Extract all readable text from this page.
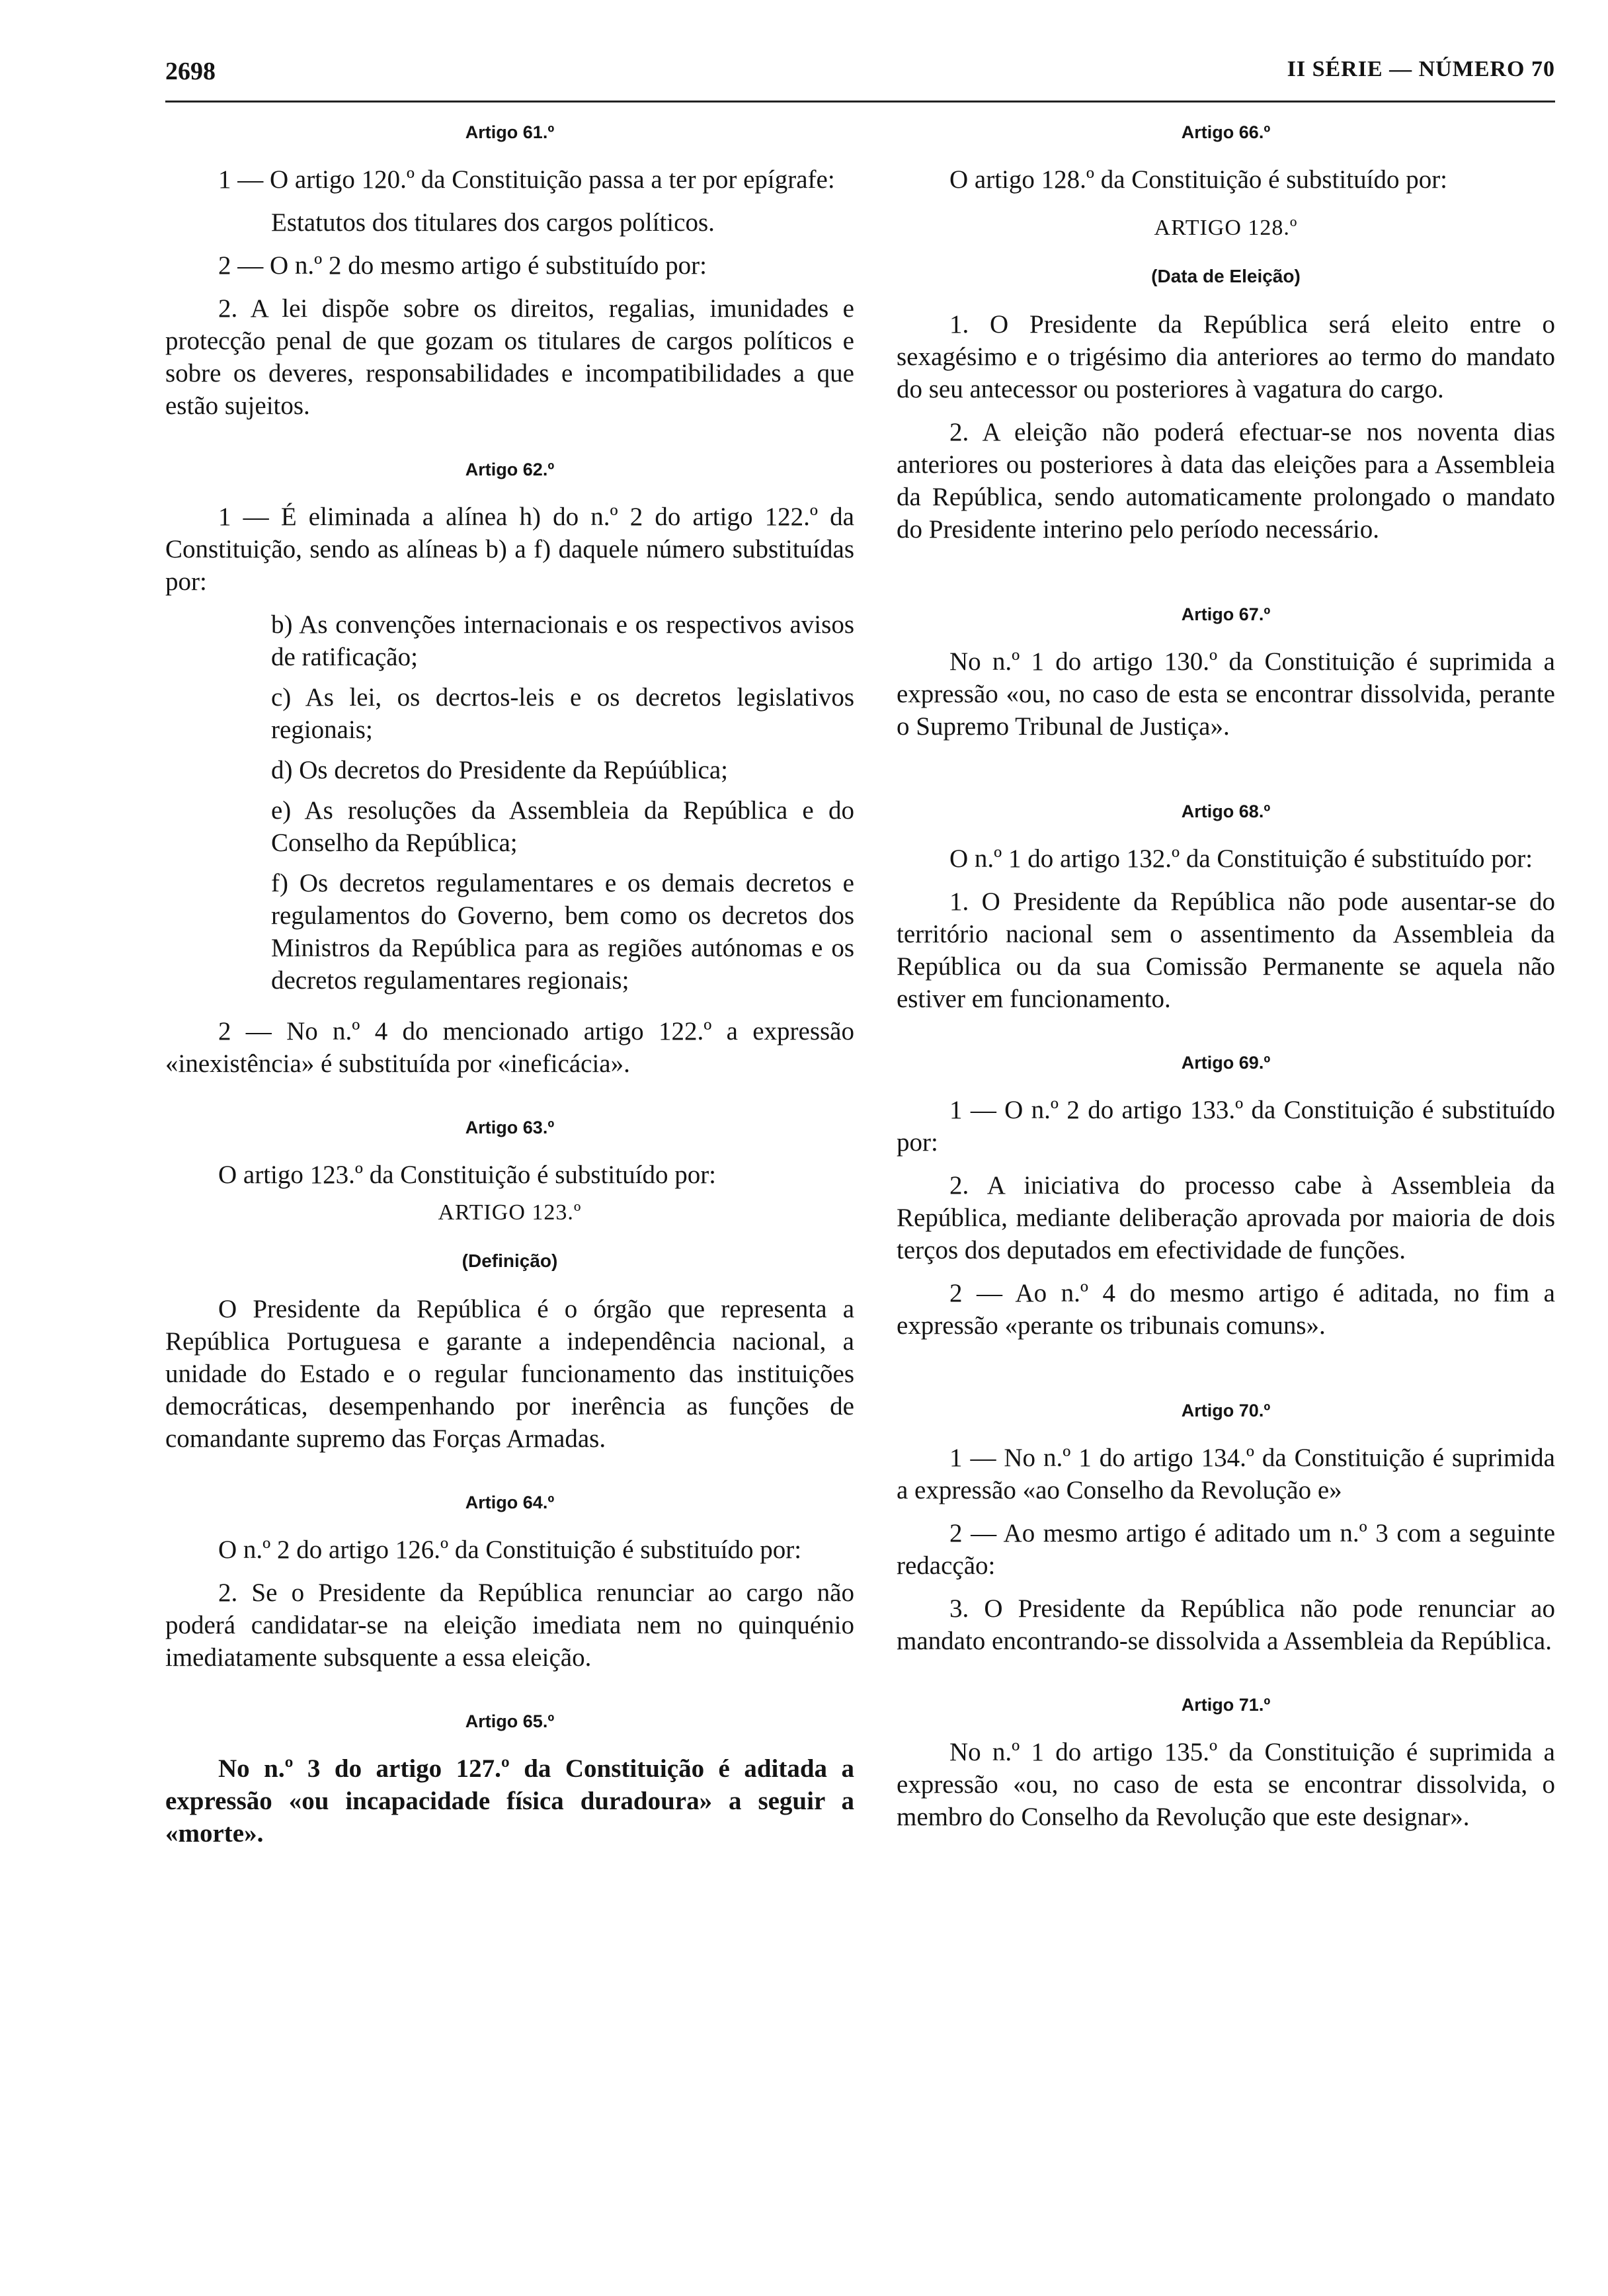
2698	II SÉRIE — NÚMERO 70
Artigo 61.º

1 — O artigo 120.º da Constituição passa a ter por epígrafe:

Estatutos dos titulares dos cargos políticos.

2 — O n.º 2 do mesmo artigo é substituído por:

2. A lei dispõe sobre os direitos, regalias, imunidades e protecção penal de que gozam os titulares de cargos políticos e sobre os deveres, responsabilidades e incompatibilidades a que estão sujeitos.

Artigo 62.º

1 — É eliminada a alínea h) do n.º 2 do artigo 122.º da Constituição, sendo as alíneas b) a f) daquele número substituídas por:

b) As convenções internacionais e os respectivos avisos de ratificação;

c) As lei, os decrtos-leis e os decretos legislativos regionais;

d) Os decretos do Presidente da Repúública;

e) As resoluções da Assembleia da República e do Conselho da República;

f) Os decretos regulamentares e os demais decretos e regulamentos do Governo, bem como os decretos dos Ministros da República para as regiões autónomas e os decretos regulamentares regionais;

2 — No n.º 4 do mencionado artigo 122.º a expressão «inexistência» é substituída por «ineficácia».

Artigo 63.º

O artigo 123.º da Constituição é substituído por:

ARTIGO 123.º
(Definição)

O Presidente da República é o órgão que representa a República Portuguesa e garante a independência nacional, a unidade do Estado e o regular funcionamento das instituições democráticas, desempenhando por inerência as funções de comandante supremo das Forças Armadas.

Artigo 64.º

O n.º 2 do artigo 126.º da Constituição é substituído por:

2. Se o Presidente da República renunciar ao cargo não poderá candidatar-se na eleição imediata nem no quinquénio imediatamente subsquente a essa eleição.

Artigo 65.º

No n.º 3 do artigo 127.º da Constituição é aditada a expressão «ou incapacidade física duradoura» a seguir a «morte».

Artigo 66.º

O artigo 128.º da Constituição é substituído por:

ARTIGO 128.º
(Data de Eleição)

1. O Presidente da República será eleito entre o sexagésimo e o trigésimo dia anteriores ao termo do mandato do seu antecessor ou posteriores à vagatura do cargo.

2. A eleição não poderá efectuar-se nos noventa dias anteriores ou posteriores à data das eleições para a Assembleia da República, sendo automaticamente prolongado o mandato do Presidente interino pelo período necessário.

Artigo 67.º

No n.º 1 do artigo 130.º da Constituição é suprimida a expressão «ou, no caso de esta se encontrar dissolvida, perante o Supremo Tribunal de Justiça».

Artigo 68.º

O n.º 1 do artigo 132.º da Constituição é substituído por:

1. O Presidente da República não pode ausentar-se do território nacional sem o assentimento da Assembleia da República ou da sua Comissão Permanente se aquela não estiver em funcionamento.

Artigo 69.º

1 — O n.º 2 do artigo 133.º da Constituição é substituído por:

2. A iniciativa do processo cabe à Assembleia da República, mediante deliberação aprovada por maioria de dois terços dos deputados em efectividade de funções.

2 — Ao n.º 4 do mesmo artigo é aditada, no fim a expressão «perante os tribunais comuns».

Artigo 70.º

1 — No n.º 1 do artigo 134.º da Constituição é suprimida a expressão «ao Conselho da Revolução e»

2 — Ao mesmo artigo é aditado um n.º 3 com a seguinte redacção:

3. O Presidente da República não pode renunciar ao mandato encontrando-se dissolvida a Assembleia da República.

Artigo 71.º

No n.º 1 do artigo 135.º da Constituição é suprimida a expressão «ou, no caso de esta se encontrar dissolvida, o membro do Conselho da Revolução que este designar».
